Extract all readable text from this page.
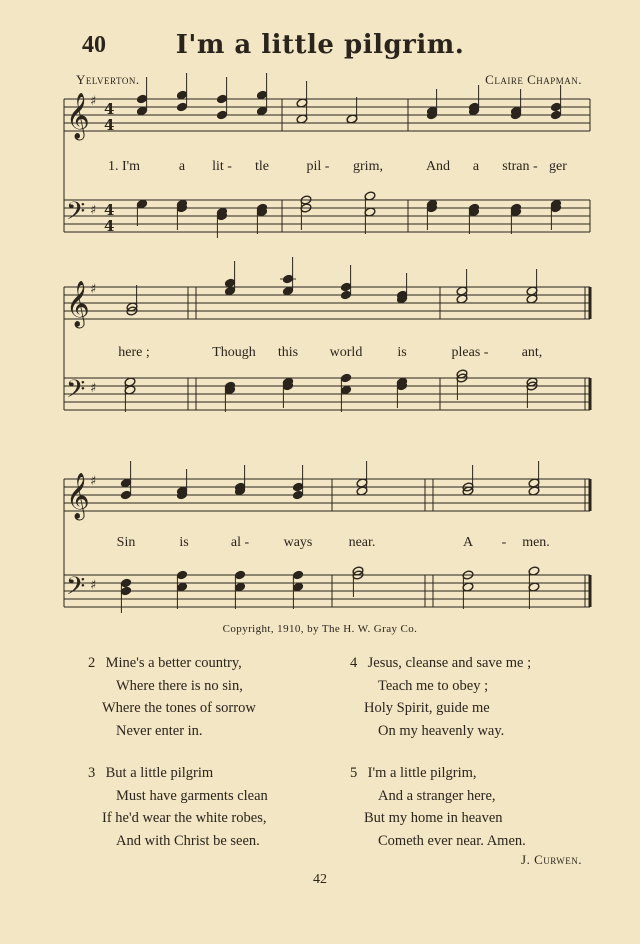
40	I'm a little pilgrim.
Yelverton.	Claire Chapman.
𝄞 ♯ 4
4
𝄢 ♯ 4
4
𝄞 ♯
𝄢 ♯
𝄞 ♯
𝄢 ♯
1. I'm	a lit - tle	pil - grim,	And a stran - ger
here ;	Though this world is	pleas - ant,
Sin	is	al - ways	near.	A - men.
Copyright, 1910, by The H. W. Gray Co.
2 Mine's a better country,
Where there is no sin,
Where the tones of sorrow
Never enter in.
3 But a little pilgrim
Must have garments clean
If he'd wear the white robes,
And with Christ be seen.
4 Jesus, cleanse and save me ;
Teach me to obey ;
Holy Spirit, guide me
On my heavenly way.
5 I'm a little pilgrim,
And a stranger here,
But my home in heaven
Cometh ever near. Amen.
J. Curwen.
42
